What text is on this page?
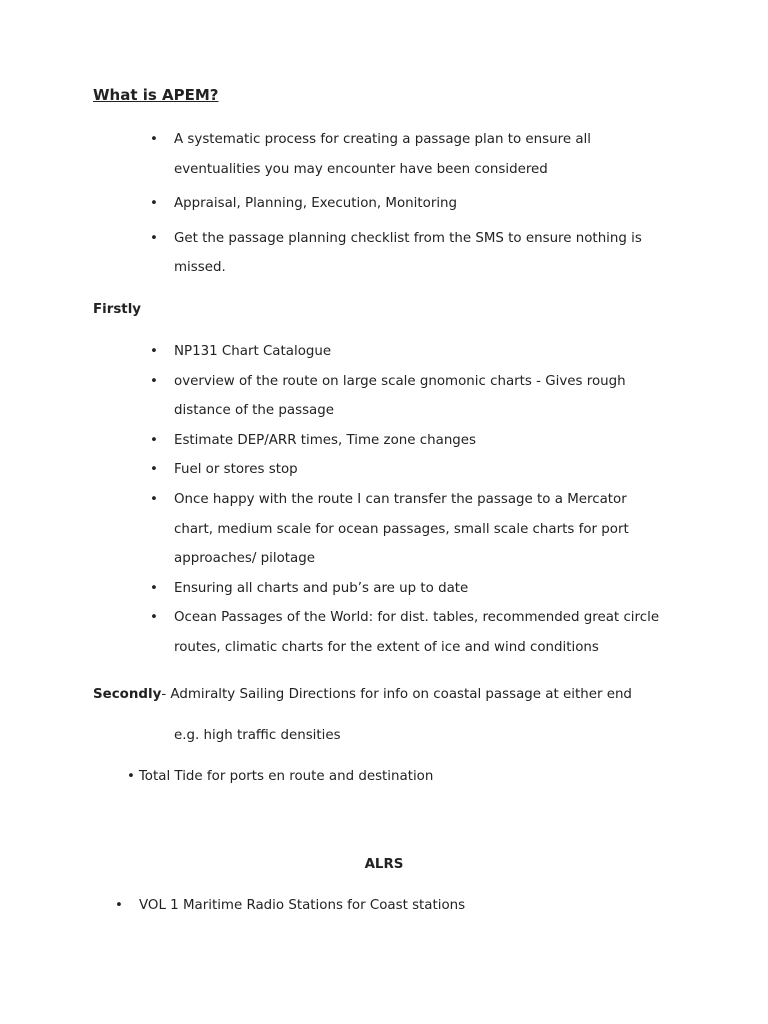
What is APEM?
• A systematic process for creating a passage plan to ensure all eventualities you may encounter have been considered
• Appraisal, Planning, Execution, Monitoring
• Get the passage planning checklist from the SMS to ensure nothing is missed.

Firstly

• NP131 Chart Catalogue
• overview of the route on large scale gnomonic charts - Gives rough distance of the passage
• Estimate DEP/ARR times, Time zone changes
• Fuel or stores stop
• Once happy with the route I can transfer the passage to a Mercator chart, medium scale for ocean passages, small scale charts for port approaches/ pilotage
• Ensuring all charts and pub’s are up to date
• Ocean Passages of the World: for dist. tables, recommended great circle routes, climatic charts for the extent of ice and wind conditions

Secondly- Admiralty Sailing Directions for info on coastal passage at either end

e.g. high traffic densities

• Total Tide for ports en route and destination

ALRS

• VOL 1 Maritime Radio Stations for Coast stations
